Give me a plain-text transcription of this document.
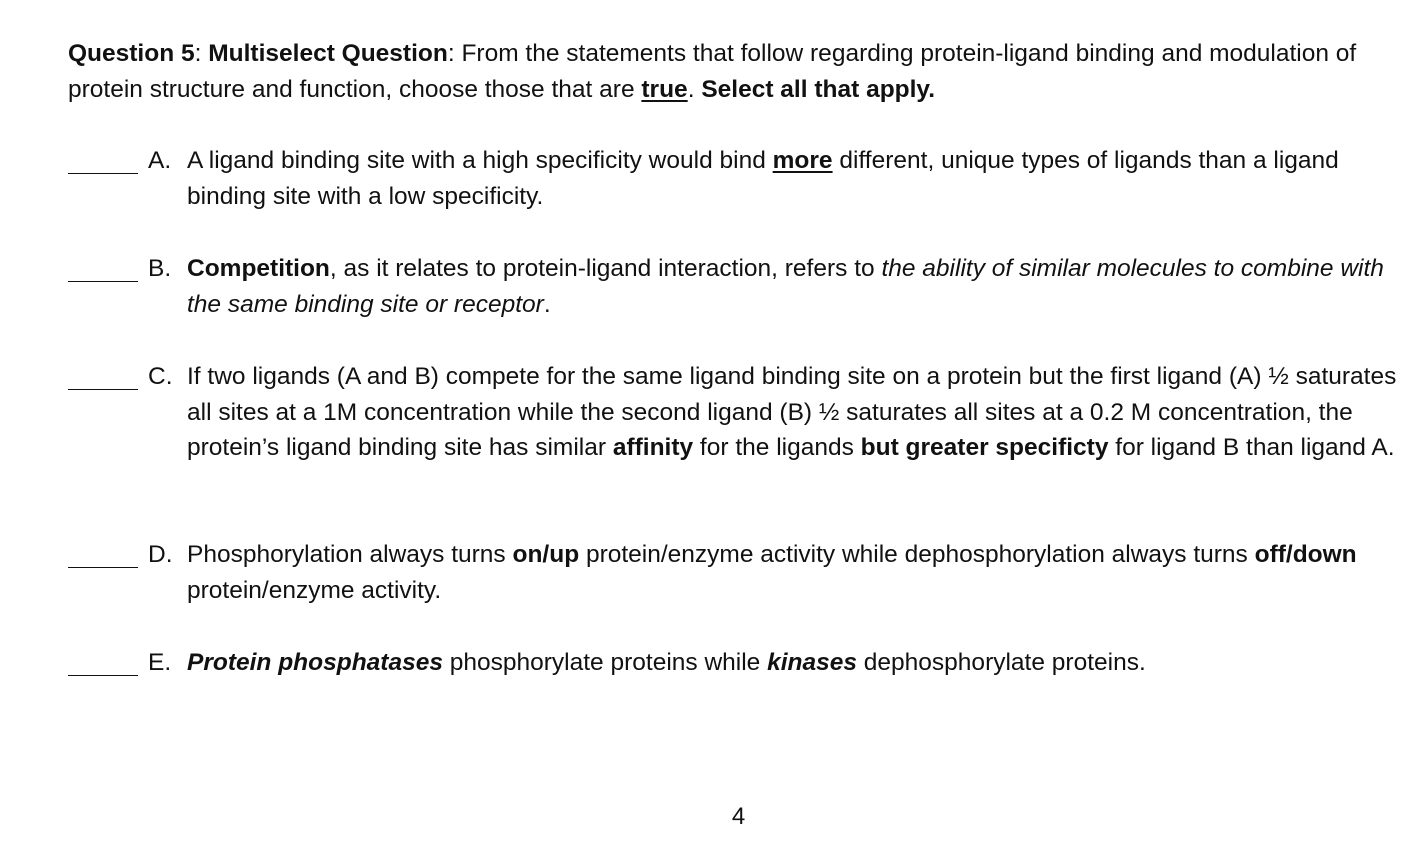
Question 5: Multiselect Question: From the statements that follow regarding protein-ligand binding and modulation of protein structure and function, choose those that are true. Select all that apply.
A. A ligand binding site with a high specificity would bind more different, unique types of ligands than a ligand binding site with a low specificity.
B. Competition, as it relates to protein-ligand interaction, refers to the ability of similar molecules to combine with the same binding site or receptor.
C. If two ligands (A and B) compete for the same ligand binding site on a protein but the first ligand (A) ½ saturates all sites at a 1M concentration while the second ligand (B) ½ saturates all sites at a 0.2 M concentration, the protein’s ligand binding site has similar affinity for the ligands but greater specificty for ligand B than ligand A.
D. Phosphorylation always turns on/up protein/enzyme activity while dephosphorylation always turns off/down protein/enzyme activity.
E. Protein phosphatases phosphorylate proteins while kinases dephosphorylate proteins.
4
